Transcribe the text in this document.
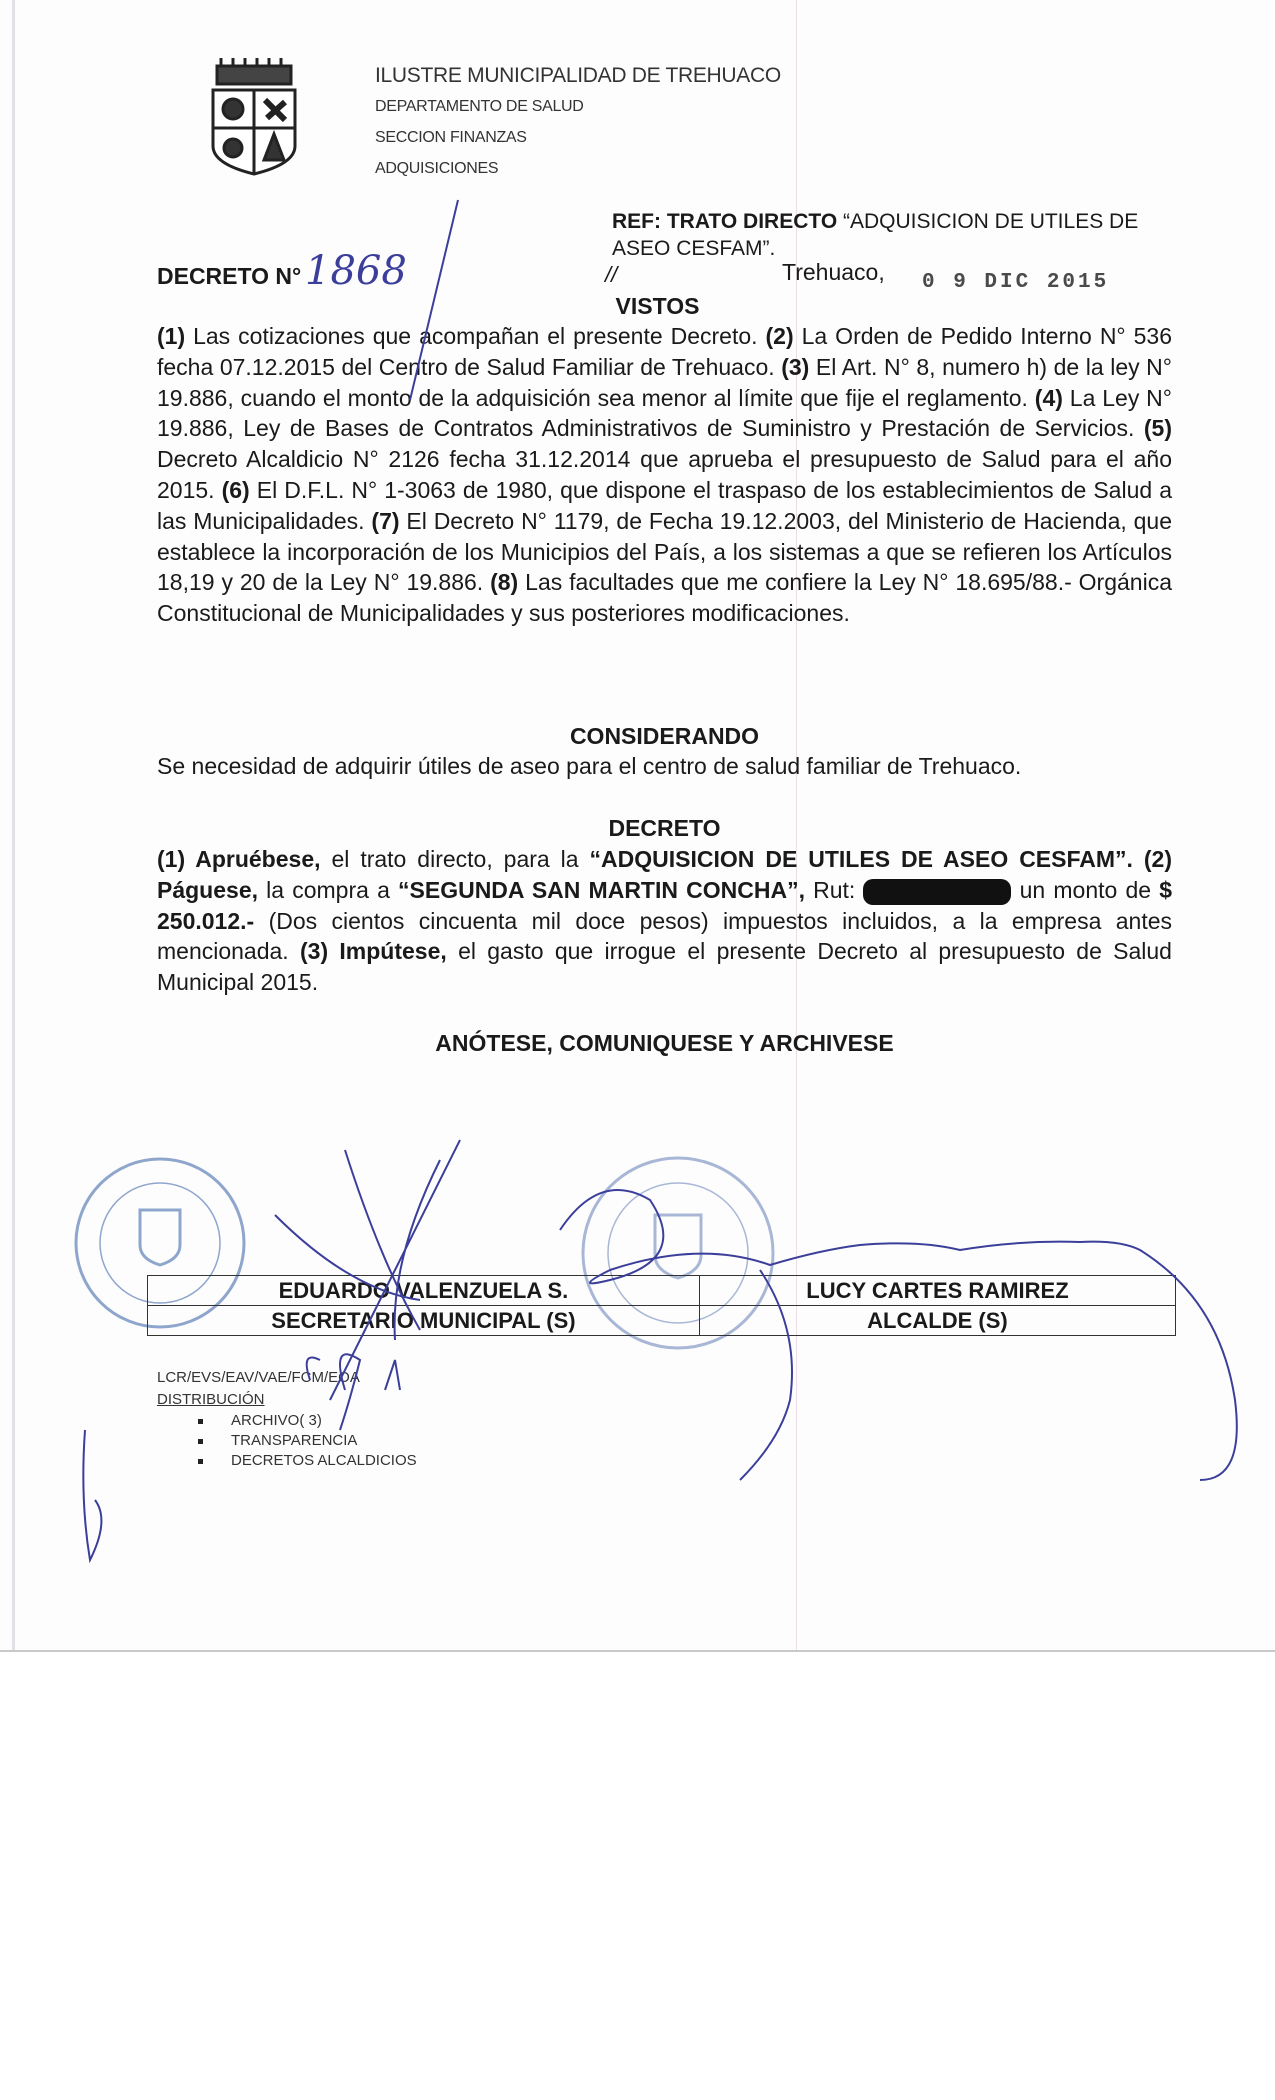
ILUSTRE MUNICIPALIDAD DE TREHUACO
DEPARTAMENTO DE SALUD
SECCION FINANZAS
ADQUISICIONES
REF: TRATO DIRECTO “ADQUISICION DE UTILES DE ASEO CESFAM”.
DECRETO N° 1868	//	Trehuaco, 0 9 DIC 2015
VISTOS
(1) Las cotizaciones que acompañan el presente Decreto. (2) La Orden de Pedido Interno N° 536 fecha 07.12.2015 del Centro de Salud Familiar de Trehuaco. (3) El Art. N° 8, numero h) de la ley N° 19.886, cuando el monto de la adquisición sea menor al límite que fije el reglamento. (4) La Ley N° 19.886, Ley de Bases de Contratos Administrativos de Suministro y Prestación de Servicios. (5) Decreto Alcaldicio N° 2126 fecha 31.12.2014 que aprueba el presupuesto de Salud para el año 2015. (6) El D.F.L. N° 1-3063 de 1980, que dispone el traspaso de los establecimientos de Salud a las Municipalidades. (7) El Decreto N° 1179, de Fecha 19.12.2003, del Ministerio de Hacienda, que establece la incorporación de los Municipios del País, a los sistemas a que se refieren los Artículos 18,19 y 20 de la Ley N° 19.886. (8) Las facultades que me confiere la Ley N° 18.695/88.- Orgánica Constitucional de Municipalidades y sus posteriores modificaciones.
CONSIDERANDO
Se necesidad de adquirir útiles de aseo para el centro de salud familiar de Trehuaco.
DECRETO
(1) Apruébese, el trato directo, para la “ADQUISICION DE UTILES DE ASEO CESFAM”. (2) Páguese, la compra a “SEGUNDA SAN MARTIN CONCHA”, Rut:	un monto de $ 250.012.- (Dos cientos cincuenta mil doce pesos) impuestos incluidos, a la empresa antes mencionada. (3) Impútese, el gasto que irrogue el presente Decreto al presupuesto de Salud Municipal 2015.
ANÓTESE, COMUNIQUESE Y ARCHIVESE
EDUARDO VALENZUELA S.	LUCY CARTES RAMIREZ
SECRETARIO MUNICIPAL (S)	ALCALDE (S)
LCR/EVS/EAV/VAE/FCM/EOA
DISTRIBUCIÓN
ARCHIVO( 3)
TRANSPARENCIA
DECRETOS ALCALDICIOS
